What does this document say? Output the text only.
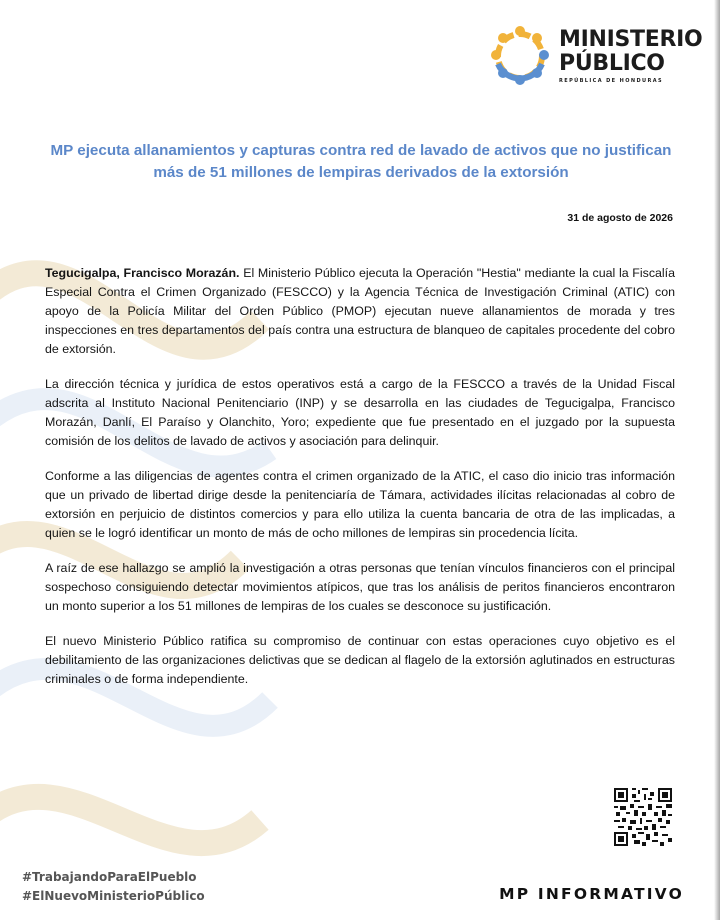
MINISTERIO
PÚBLICO
REPÚBLICA DE HONDURAS
MP ejecuta allanamientos y capturas contra red de lavado de activos que no justifican más de 51 millones de lempiras derivados de la extorsión
31 de agosto de 2026

Tegucigalpa, Francisco Morazán. El Ministerio Público ejecuta la Operación "Hestia" mediante la cual la Fiscalía Especial Contra el Crimen Organizado (FESCCO) y la Agencia Técnica de Investigación Criminal (ATIC) con apoyo de la Policía Militar del Orden Público (PMOP) ejecutan nueve allanamientos de morada y tres inspecciones en tres departamentos del país contra una estructura de blanqueo de capitales procedente del cobro de extorsión.

La dirección técnica y jurídica de estos operativos está a cargo de la FESCCO a través de la Unidad Fiscal adscrita al Instituto Nacional Penitenciario (INP) y se desarrolla en las ciudades de Tegucigalpa, Francisco Morazán, Danlí, El Paraíso y Olanchito, Yoro; expediente que fue presentado en el juzgado por la supuesta comisión de los delitos de lavado de activos y asociación para delinquir.

Conforme a las diligencias de agentes contra el crimen organizado de la ATIC, el caso dio inicio tras información que un privado de libertad dirige desde la penitenciaría de Támara, actividades ilícitas relacionadas al cobro de extorsión en perjuicio de distintos comercios y para ello utiliza la cuenta bancaria de otra de las implicadas, a quien se le logró identificar un monto de más de ocho millones de lempiras sin procedencia lícita.

A raíz de ese hallazgo se amplió la investigación a otras personas que tenían vínculos financieros con el principal sospechoso consiguiendo detectar movimientos atípicos, que tras los análisis de peritos financieros encontraron un monto superior a los 51 millones de lempiras de los cuales se desconoce su justificación.

El nuevo Ministerio Público ratifica su compromiso de continuar con estas operaciones cuyo objetivo es el debilitamiento de las organizaciones delictivas que se dedican al flagelo de la extorsión aglutinados en estructuras criminales o de forma independiente.

#TrabajandoParaElPueblo
#ElNuevoMinisterioPúblico	MP INFORMATIVO
